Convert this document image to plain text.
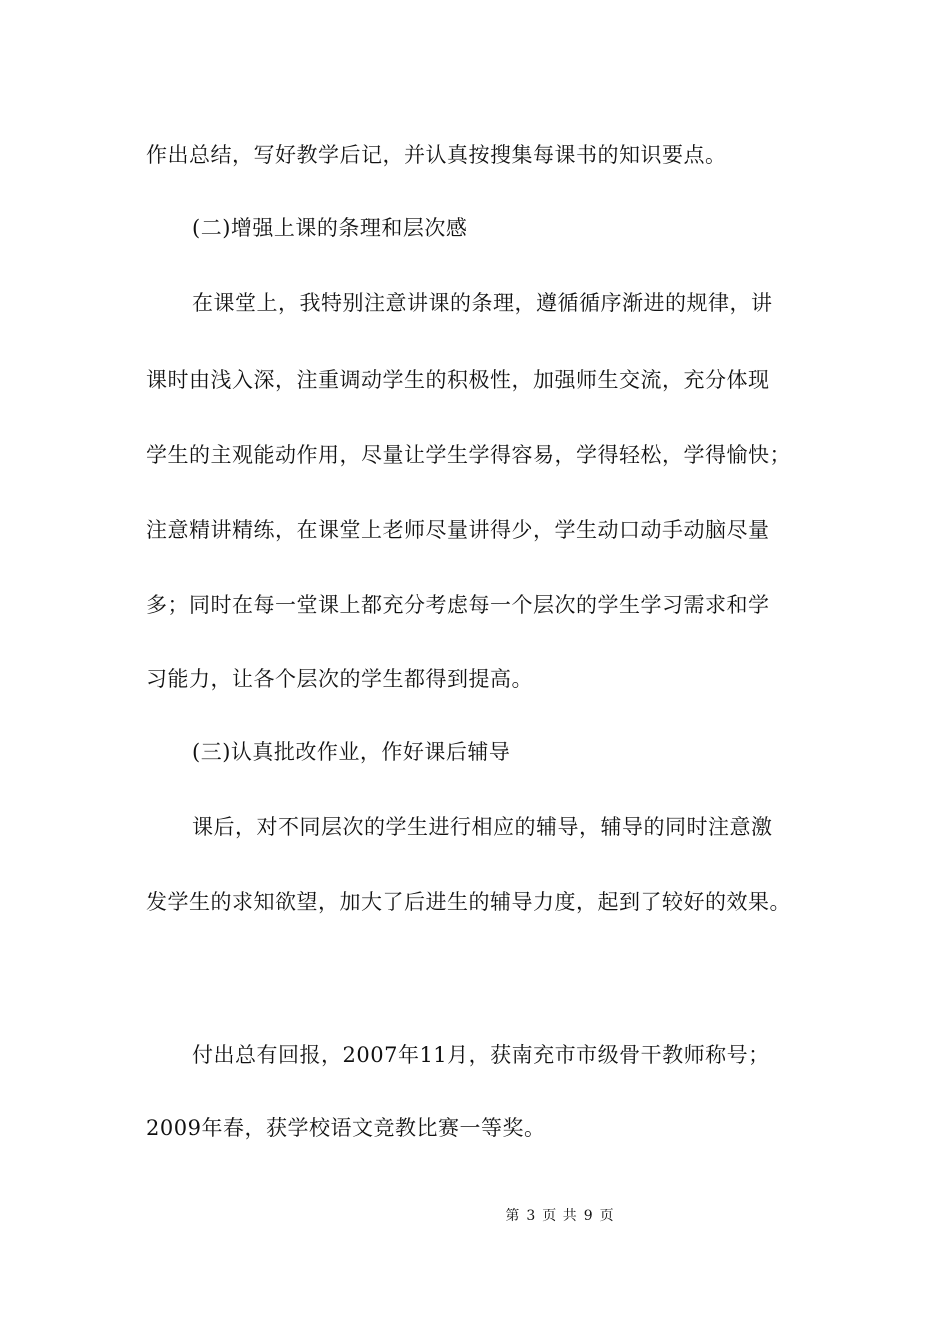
作出总结，写好教学后记，并认真按搜集每课书的知识要点。
(二)增强上课的条理和层次感
在课堂上，我特别注意讲课的条理，遵循循序渐进的规律，讲
课时由浅入深，注重调动学生的积极性，加强师生交流，充分体现
学生的主观能动作用，尽量让学生学得容易，学得轻松，学得愉快；
注意精讲精练，在课堂上老师尽量讲得少，学生动口动手动脑尽量
多；同时在每一堂课上都充分考虑每一个层次的学生学习需求和学
习能力，让各个层次的学生都得到提高。
(三)认真批改作业，作好课后辅导
课后，对不同层次的学生进行相应的辅导，辅导的同时注意激
发学生的求知欲望，加大了后进生的辅导力度，起到了较好的效果。
付出总有回报，2007年11月，获南充市市级骨干教师称号；
2009年春，获学校语文竞教比赛一等奖。
第 3 页 共 9 页
